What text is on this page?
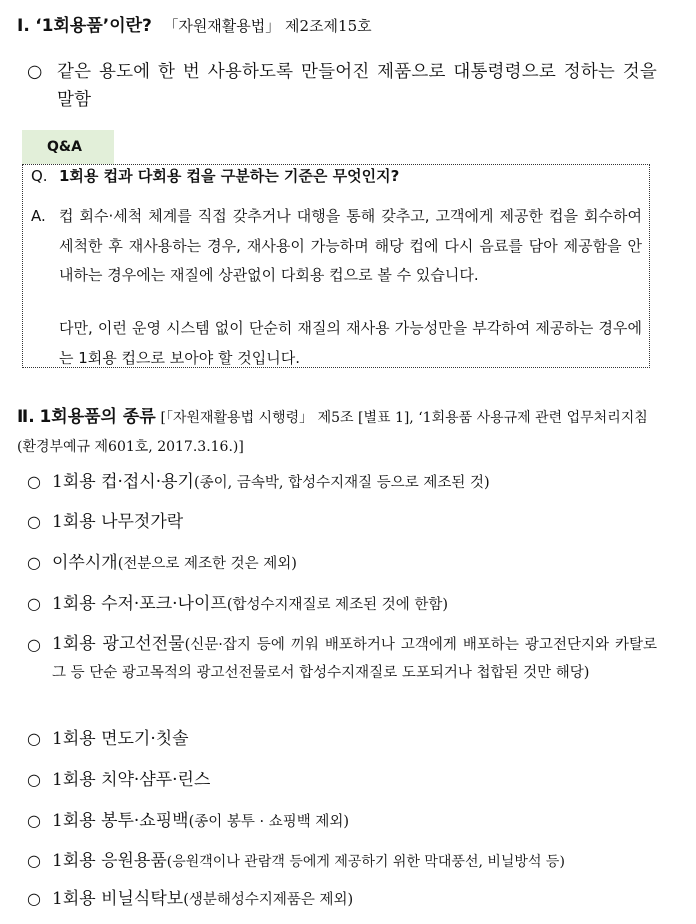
Ⅰ. ‘1회용품’이란? 「자원재활용법」 제2조제15호
○ 같은 용도에 한 번 사용하도록 만들어진 제품으로 대통령령으로 정하는 것을 말함
Q&A
Q. 1회용 컵과 다회용 컵을 구분하는 기준은 무엇인지?
A. 컵 회수·세척 체계를 직접 갖추거나 대행을 통해 갖추고, 고객에게 제공한 컵을 회수하여 세척한 후 재사용하는 경우, 재사용이 가능하며 해당 컵에 다시 음료를 담아 제공함을 안내하는 경우에는 재질에 상관없이 다회용 컵으로 볼 수 있습니다.
다만, 이런 운영 시스템 없이 단순히 재질의 재사용 가능성만을 부각하여 제공하는 경우에는 1회용 컵으로 보아야 할 것입니다.
Ⅱ. 1회용품의 종류 [「자원재활용법 시행령」 제5조 [별표 1], ‘1회용품 사용규제 관련 업무처리지침(환경부예규 제601호, 2017.3.16.)]
○ 1회용 컵·접시·용기(종이, 금속박, 합성수지재질 등으로 제조된 것)
○ 1회용 나무젓가락
○ 이쑤시개(전분으로 제조한 것은 제외)
○ 1회용 수저·포크·나이프(합성수지재질로 제조된 것에 한함)
○ 1회용 광고선전물(신문·잡지 등에 끼워 배포하거나 고객에게 배포하는 광고전단지와 카탈로그 등 단순 광고목적의 광고선전물로서 합성수지재질로 도포되거나 첩합된 것만 해당)
○ 1회용 면도기·칫솔
○ 1회용 치약·샴푸·린스
○ 1회용 봉투·쇼핑백(종이 봉투 · 쇼핑백 제외)
○ 1회용 응원용품(응원객이나 관람객 등에게 제공하기 위한 막대풍선, 비닐방석 등)
○ 1회용 비닐식탁보(생분해성수지제품은 제외)
